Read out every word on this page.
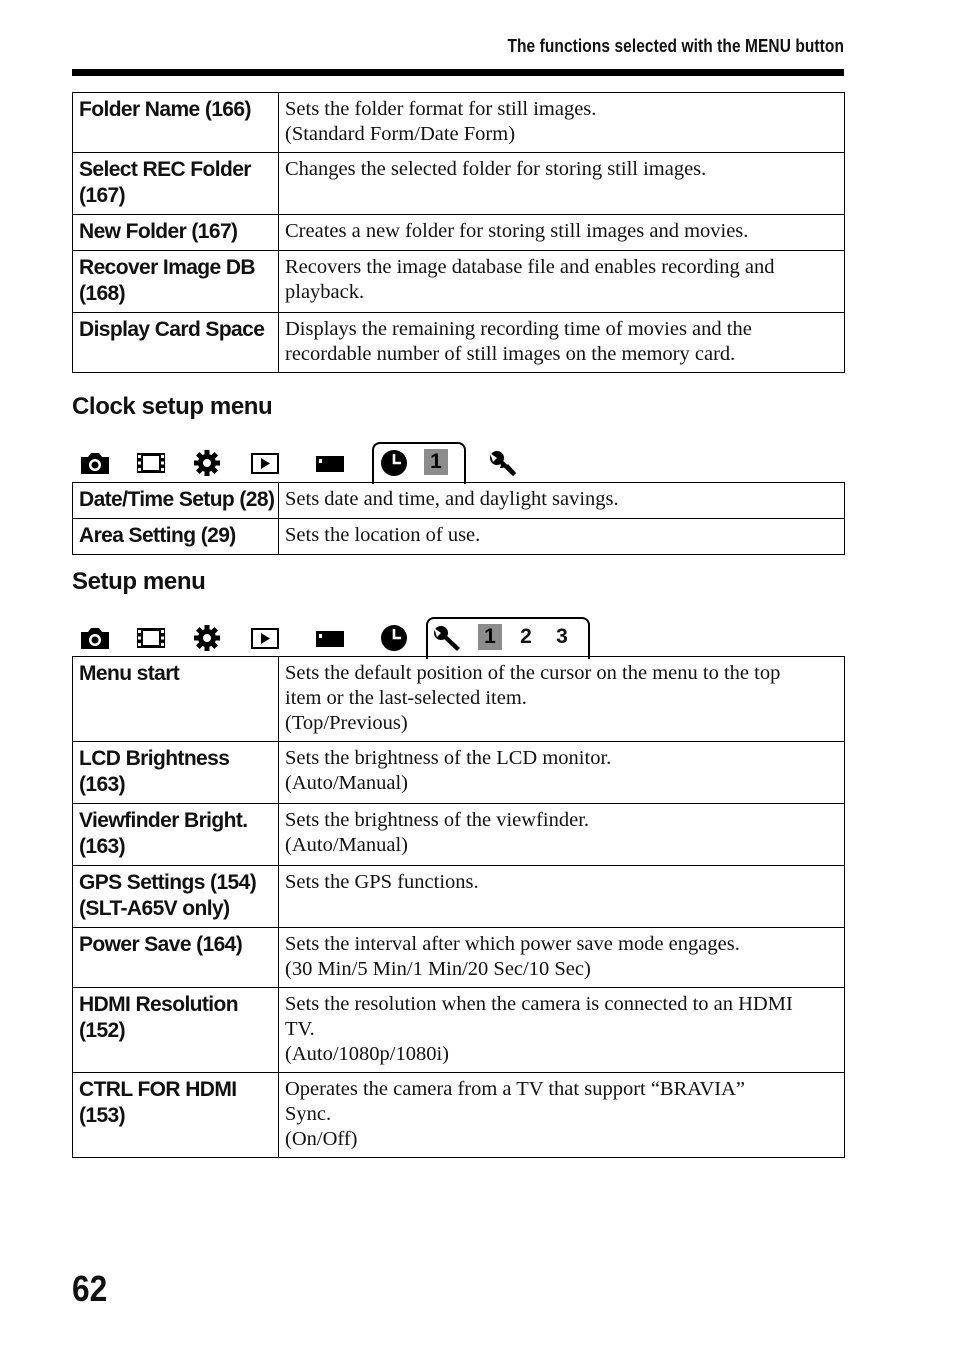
The functions selected with the MENU button
Folder Name (166)	Sets the folder format for still images.
(Standard Form/Date Form)

Select REC Folder
(167)	Changes the selected folder for storing still images.

New Folder (167)	Creates a new folder for storing still images and movies.

Recover Image DB
(168)	Recovers the image database file and enables recording and
playback.

Display Card Space	Displays the remaining recording time of movies and the
recordable number of still images on the memory card.
Clock setup menu
1
Date/Time Setup (28)	Sets date and time, and daylight savings.

Area Setting (29)	Sets the location of use.
Setup menu
1 2 3
Menu start	Sets the default position of the cursor on the menu to the top
item or the last-selected item.
(Top/Previous)

LCD Brightness (163)	Sets the brightness of the LCD monitor.
(Auto/Manual)

Viewfinder Bright.
(163)	Sets the brightness of the viewfinder.
(Auto/Manual)

GPS Settings (154)
(SLT-A65V only)	Sets the GPS functions.

Power Save (164)	Sets the interval after which power save mode engages.
(30 Min/5 Min/1 Min/20 Sec/10 Sec)

HDMI Resolution
(152)	Sets the resolution when the camera is connected to an HDMI
TV.
(Auto/1080p/1080i)

CTRL FOR HDMI
(153)	Operates the camera from a TV that support “BRAVIA”
Sync.
(On/Off)
62
